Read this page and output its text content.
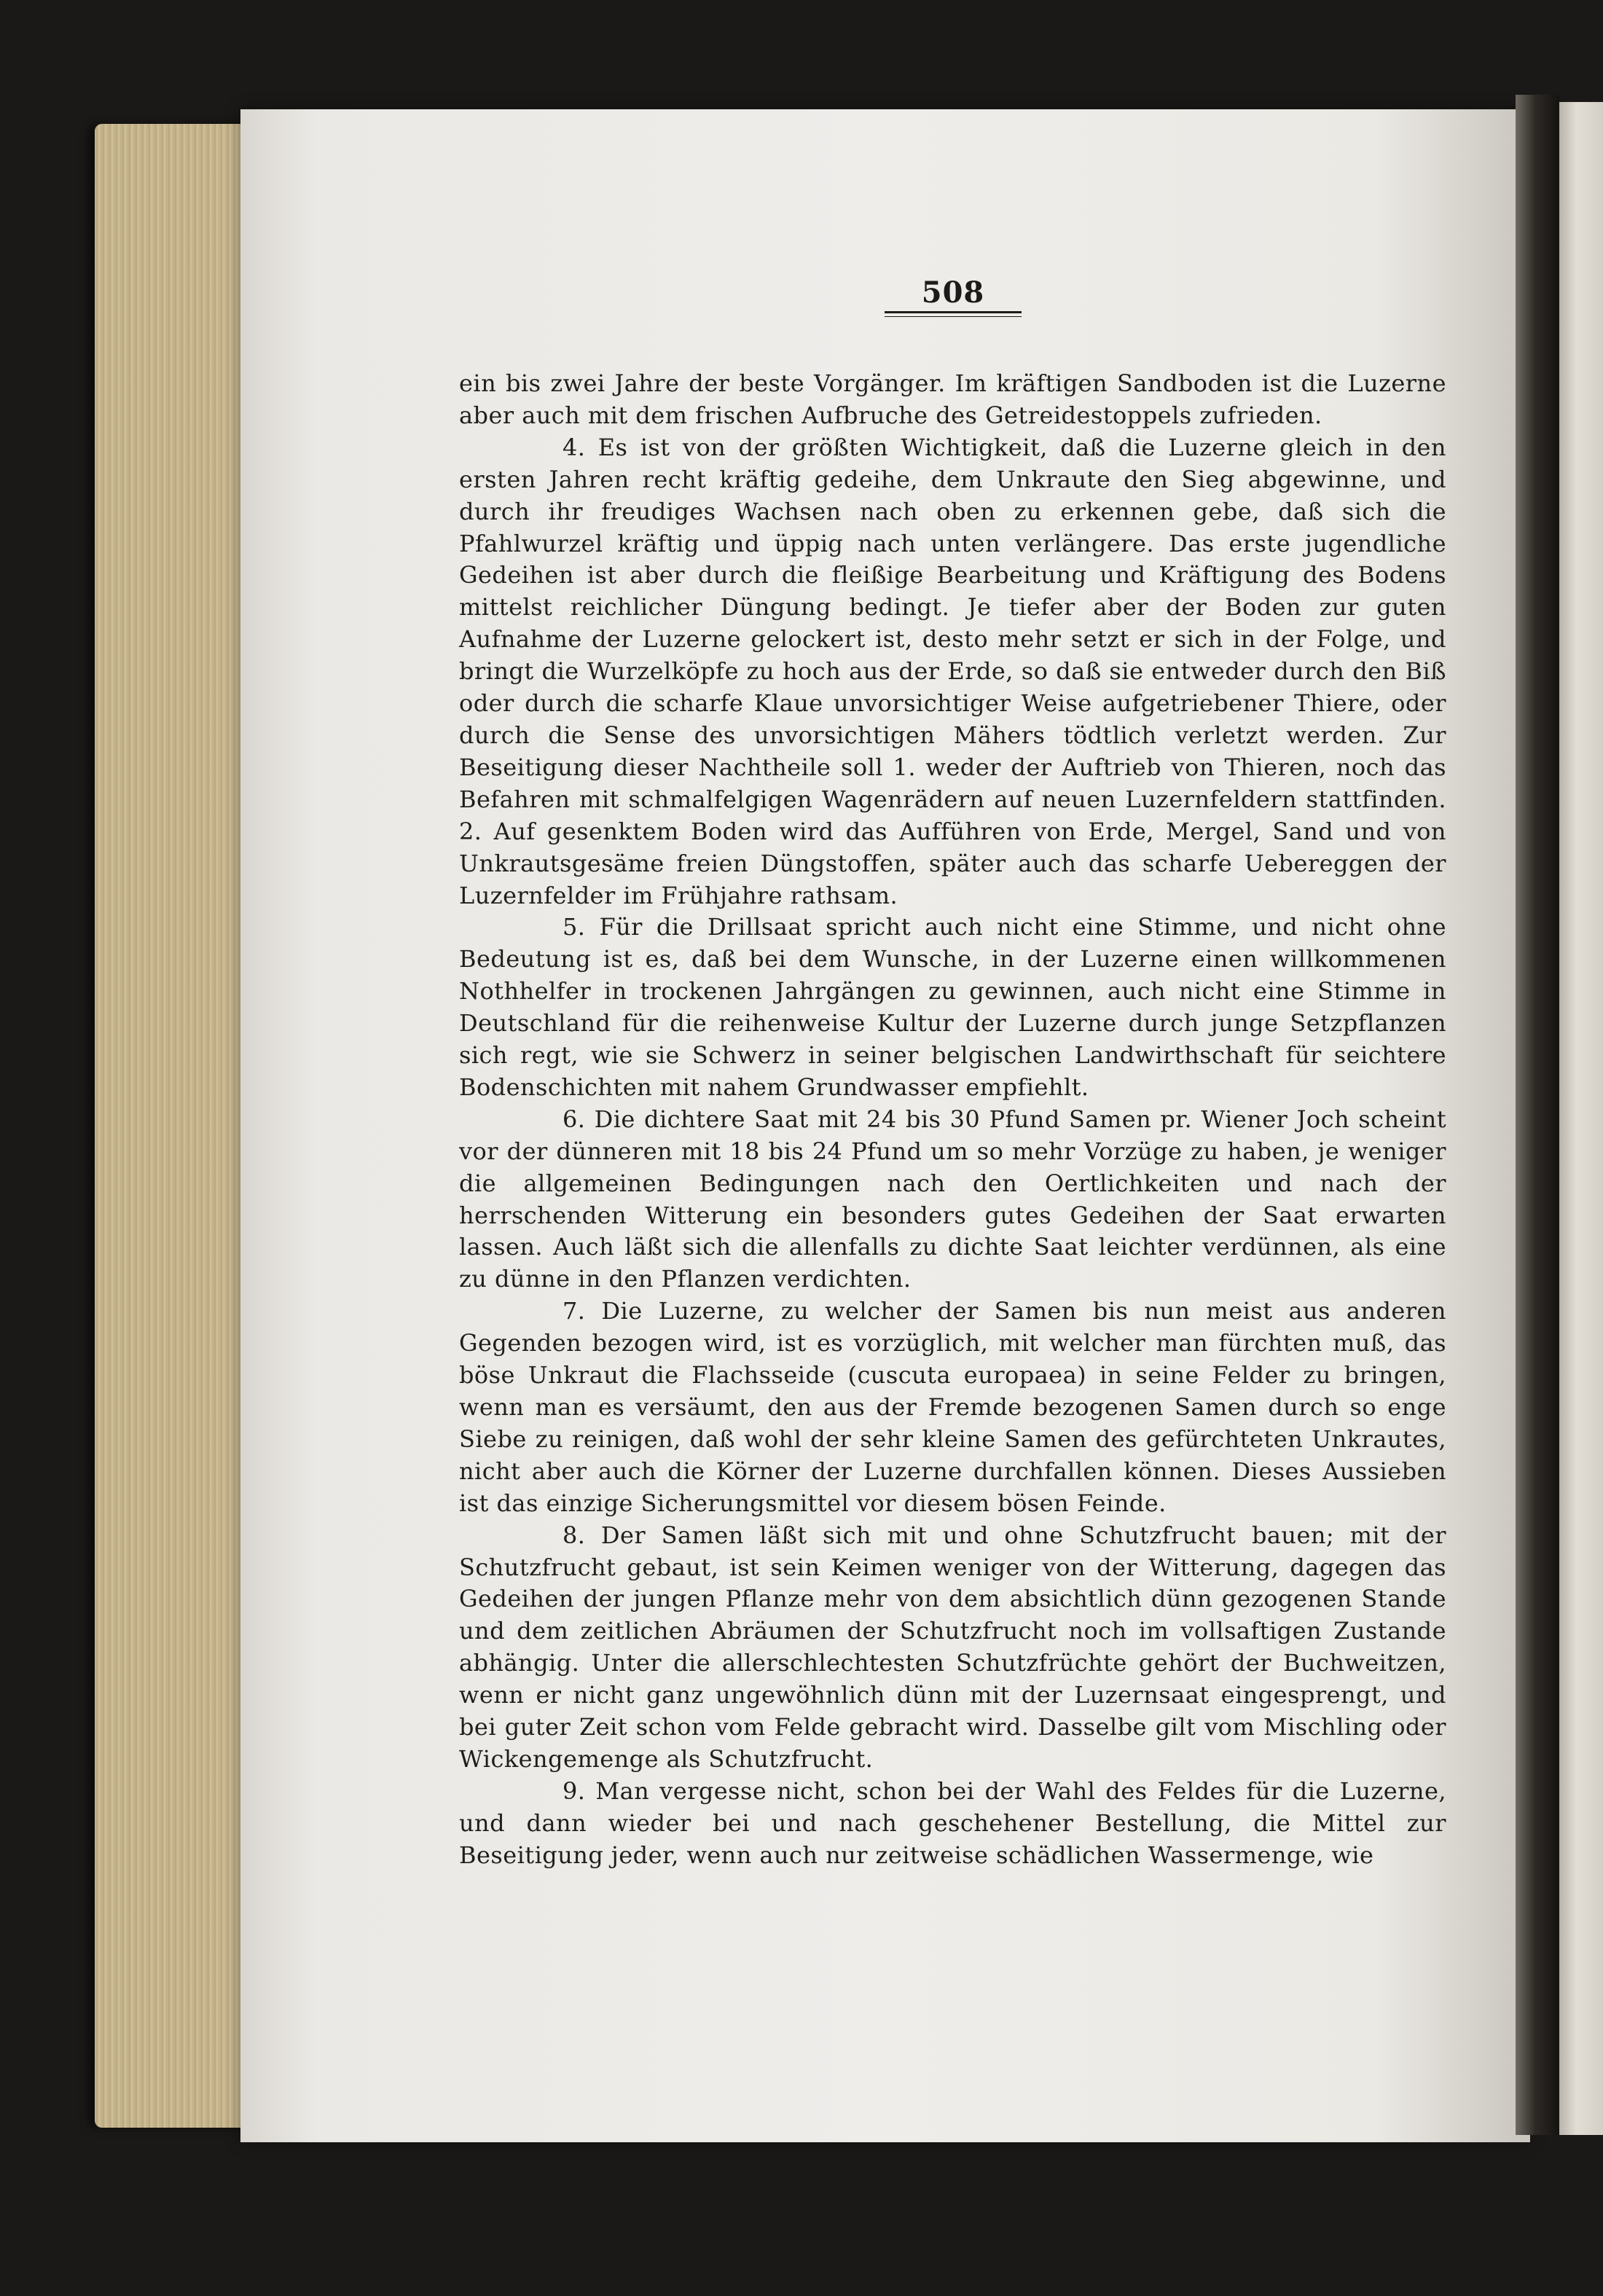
508

ein bis zwei Jahre der beste Vorgänger. Im kräftigen Sandboden ist die Luzerne aber auch mit dem frischen Aufbruche des Getreidestoppels zufrieden.

4. Es ist von der größten Wichtigkeit, daß die Luzerne gleich in den ersten Jahren recht kräftig gedeihe, dem Unkraute den Sieg abgewinne, und durch ihr freudiges Wachsen nach oben zu erkennen gebe, daß sich die Pfahlwurzel kräftig und üppig nach unten verlängere. Das erste jugendliche Gedeihen ist aber durch die fleißige Bearbeitung und Kräftigung des Bodens mittelst reichlicher Düngung bedingt. Je tiefer aber der Boden zur guten Aufnahme der Luzerne gelockert ist, desto mehr setzt er sich in der Folge, und bringt die Wurzelköpfe zu hoch aus der Erde, so daß sie entweder durch den Biß oder durch die scharfe Klaue unvorsichtiger Weise aufgetriebener Thiere, oder durch die Sense des unvorsichtigen Mähers tödtlich verletzt werden. Zur Beseitigung dieser Nachtheile soll 1. weder der Auftrieb von Thieren, noch das Befahren mit schmalfelgigen Wagenrädern auf neuen Luzernfeldern stattfinden. 2. Auf gesenktem Boden wird das Aufführen von Erde, Mergel, Sand und von Unkrautsgesäme freien Düngstoffen, später auch das scharfe Uebereggen der Luzernfelder im Frühjahre rathsam.

5. Für die Drillsaat spricht auch nicht eine Stimme, und nicht ohne Bedeutung ist es, daß bei dem Wunsche, in der Luzerne einen willkommenen Nothhelfer in trockenen Jahrgängen zu gewinnen, auch nicht eine Stimme in Deutschland für die reihenweise Kultur der Luzerne durch junge Setzpflanzen sich regt, wie sie Schwerz in seiner belgischen Landwirthschaft für seichtere Bodenschichten mit nahem Grundwasser empfiehlt.

6. Die dichtere Saat mit 24 bis 30 Pfund Samen pr. Wiener Joch scheint vor der dünneren mit 18 bis 24 Pfund um so mehr Vorzüge zu haben, je weniger die allgemeinen Bedingungen nach den Oertlichkeiten und nach der herrschenden Witterung ein besonders gutes Gedeihen der Saat erwarten lassen. Auch läßt sich die allenfalls zu dichte Saat leichter verdünnen, als eine zu dünne in den Pflanzen verdichten.

7. Die Luzerne, zu welcher der Samen bis nun meist aus anderen Gegenden bezogen wird, ist es vorzüglich, mit welcher man fürchten muß, das böse Unkraut die Flachsseide (cuscuta europaea) in seine Felder zu bringen, wenn man es versäumt, den aus der Fremde bezogenen Samen durch so enge Siebe zu reinigen, daß wohl der sehr kleine Samen des gefürchteten Unkrautes, nicht aber auch die Körner der Luzerne durchfallen können. Dieses Aussieben ist das einzige Sicherungsmittel vor diesem bösen Feinde.

8. Der Samen läßt sich mit und ohne Schutzfrucht bauen; mit der Schutzfrucht gebaut, ist sein Keimen weniger von der Witterung, dagegen das Gedeihen der jungen Pflanze mehr von dem absichtlich dünn gezogenen Stande und dem zeitlichen Abräumen der Schutzfrucht noch im vollsaftigen Zustande abhängig. Unter die allerschlechtesten Schutzfrüchte gehört der Buchweitzen, wenn er nicht ganz ungewöhnlich dünn mit der Luzernsaat eingesprengt, und bei guter Zeit schon vom Felde gebracht wird. Dasselbe gilt vom Mischling oder Wickengemenge als Schutzfrucht.

9. Man vergesse nicht, schon bei der Wahl des Feldes für die Luzerne, und dann wieder bei und nach geschehener Bestellung, die Mittel zur Beseitigung jeder, wenn auch nur zeitweise schädlichen Wassermenge, wie
